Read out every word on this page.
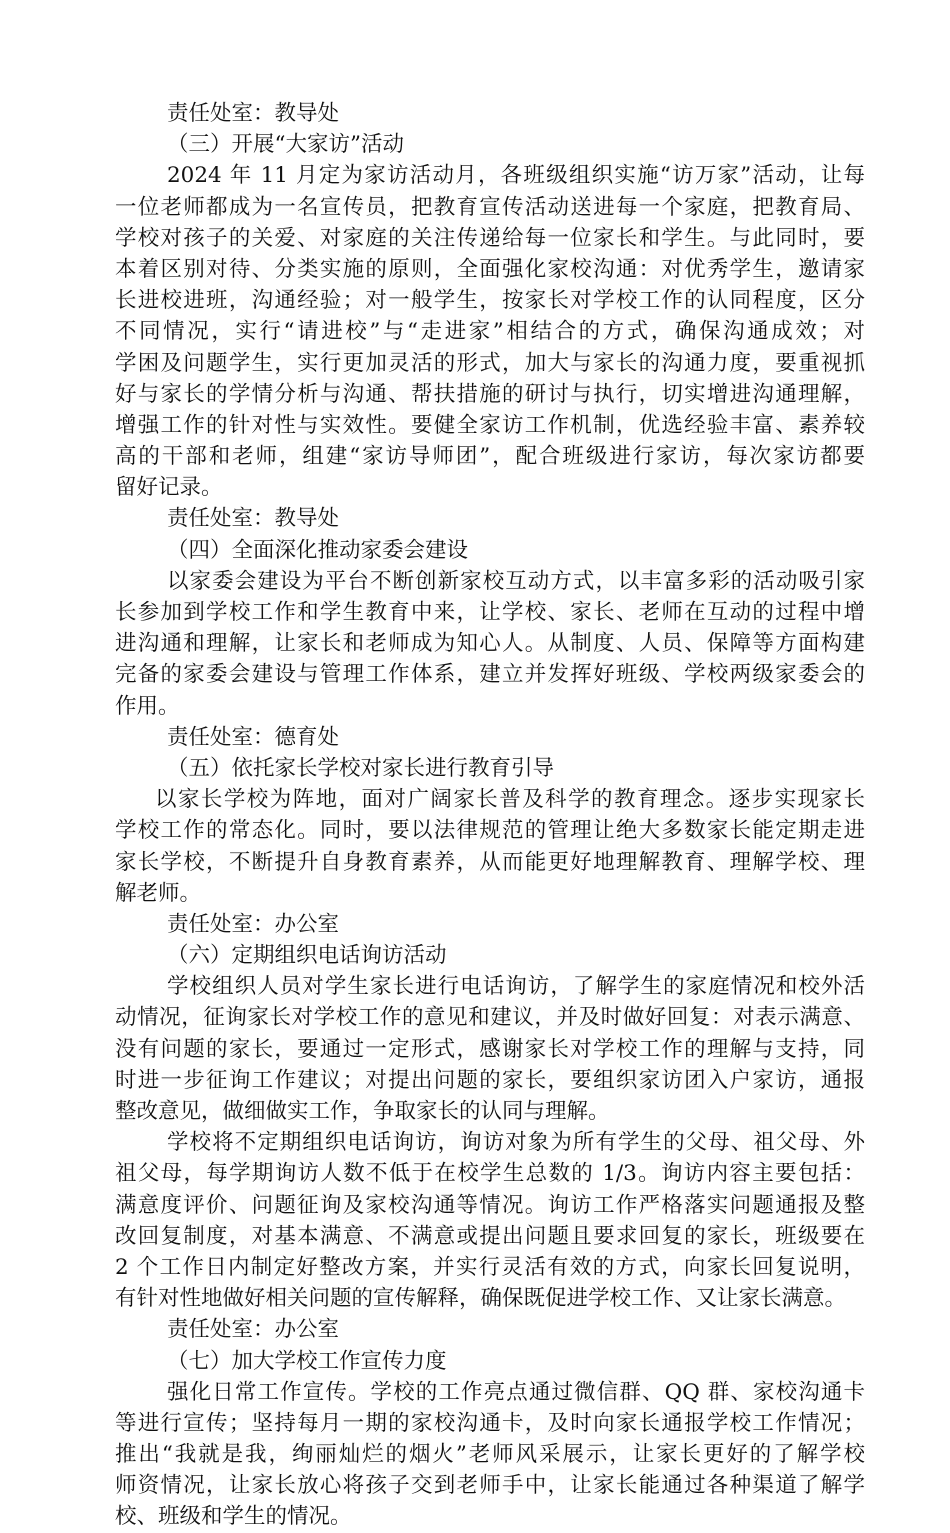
责任处室：教导处
（三）开展“大家访”活动
2024 年 11 月定为家访活动月，各班级组织实施“访万家”活动，让每
一位老师都成为一名宣传员，把教育宣传活动送进每一个家庭，把教育局、
学校对孩子的关爱、对家庭的关注传递给每一位家长和学生。与此同时，要
本着区别对待、分类实施的原则，全面强化家校沟通：对优秀学生，邀请家
长进校进班，沟通经验；对一般学生，按家长对学校工作的认同程度，区分
不同情况，实行“请进校”与“走进家”相结合的方式，确保沟通成效；对
学困及问题学生，实行更加灵活的形式，加大与家长的沟通力度，要重视抓
好与家长的学情分析与沟通、帮扶措施的研讨与执行，切实增进沟通理解，
增强工作的针对性与实效性。要健全家访工作机制，优选经验丰富、素养较
高的干部和老师，组建“家访导师团”，配合班级进行家访，每次家访都要
留好记录。
责任处室：教导处
（四）全面深化推动家委会建设
以家委会建设为平台不断创新家校互动方式，以丰富多彩的活动吸引家
长参加到学校工作和学生教育中来，让学校、家长、老师在互动的过程中增
进沟通和理解，让家长和老师成为知心人。从制度、人员、保障等方面构建
完备的家委会建设与管理工作体系，建立并发挥好班级、学校两级家委会的
作用。
责任处室：德育处
（五）依托家长学校对家长进行教育引导
以家长学校为阵地，面对广阔家长普及科学的教育理念。逐步实现家长
学校工作的常态化。同时，要以法律规范的管理让绝大多数家长能定期走进
家长学校，不断提升自身教育素养，从而能更好地理解教育、理解学校、理
解老师。
责任处室：办公室
（六）定期组织电话询访活动
学校组织人员对学生家长进行电话询访，了解学生的家庭情况和校外活
动情况，征询家长对学校工作的意见和建议，并及时做好回复：对表示满意、
没有问题的家长，要通过一定形式，感谢家长对学校工作的理解与支持，同
时进一步征询工作建议；对提出问题的家长，要组织家访团入户家访，通报
整改意见，做细做实工作，争取家长的认同与理解。
学校将不定期组织电话询访，询访对象为所有学生的父母、祖父母、外
祖父母，每学期询访人数不低于在校学生总数的 1/3。询访内容主要包括：
满意度评价、问题征询及家校沟通等情况。询访工作严格落实问题通报及整
改回复制度，对基本满意、不满意或提出问题且要求回复的家长，班级要在
2 个工作日内制定好整改方案，并实行灵活有效的方式，向家长回复说明，
有针对性地做好相关问题的宣传解释，确保既促进学校工作、又让家长满意。
责任处室：办公室
（七）加大学校工作宣传力度
强化日常工作宣传。学校的工作亮点通过微信群、QQ 群、家校沟通卡
等进行宣传；坚持每月一期的家校沟通卡，及时向家长通报学校工作情况；
推出“我就是我，绚丽灿烂的烟火”老师风采展示，让家长更好的了解学校
师资情况，让家长放心将孩子交到老师手中，让家长能通过各种渠道了解学
校、班级和学生的情况。
